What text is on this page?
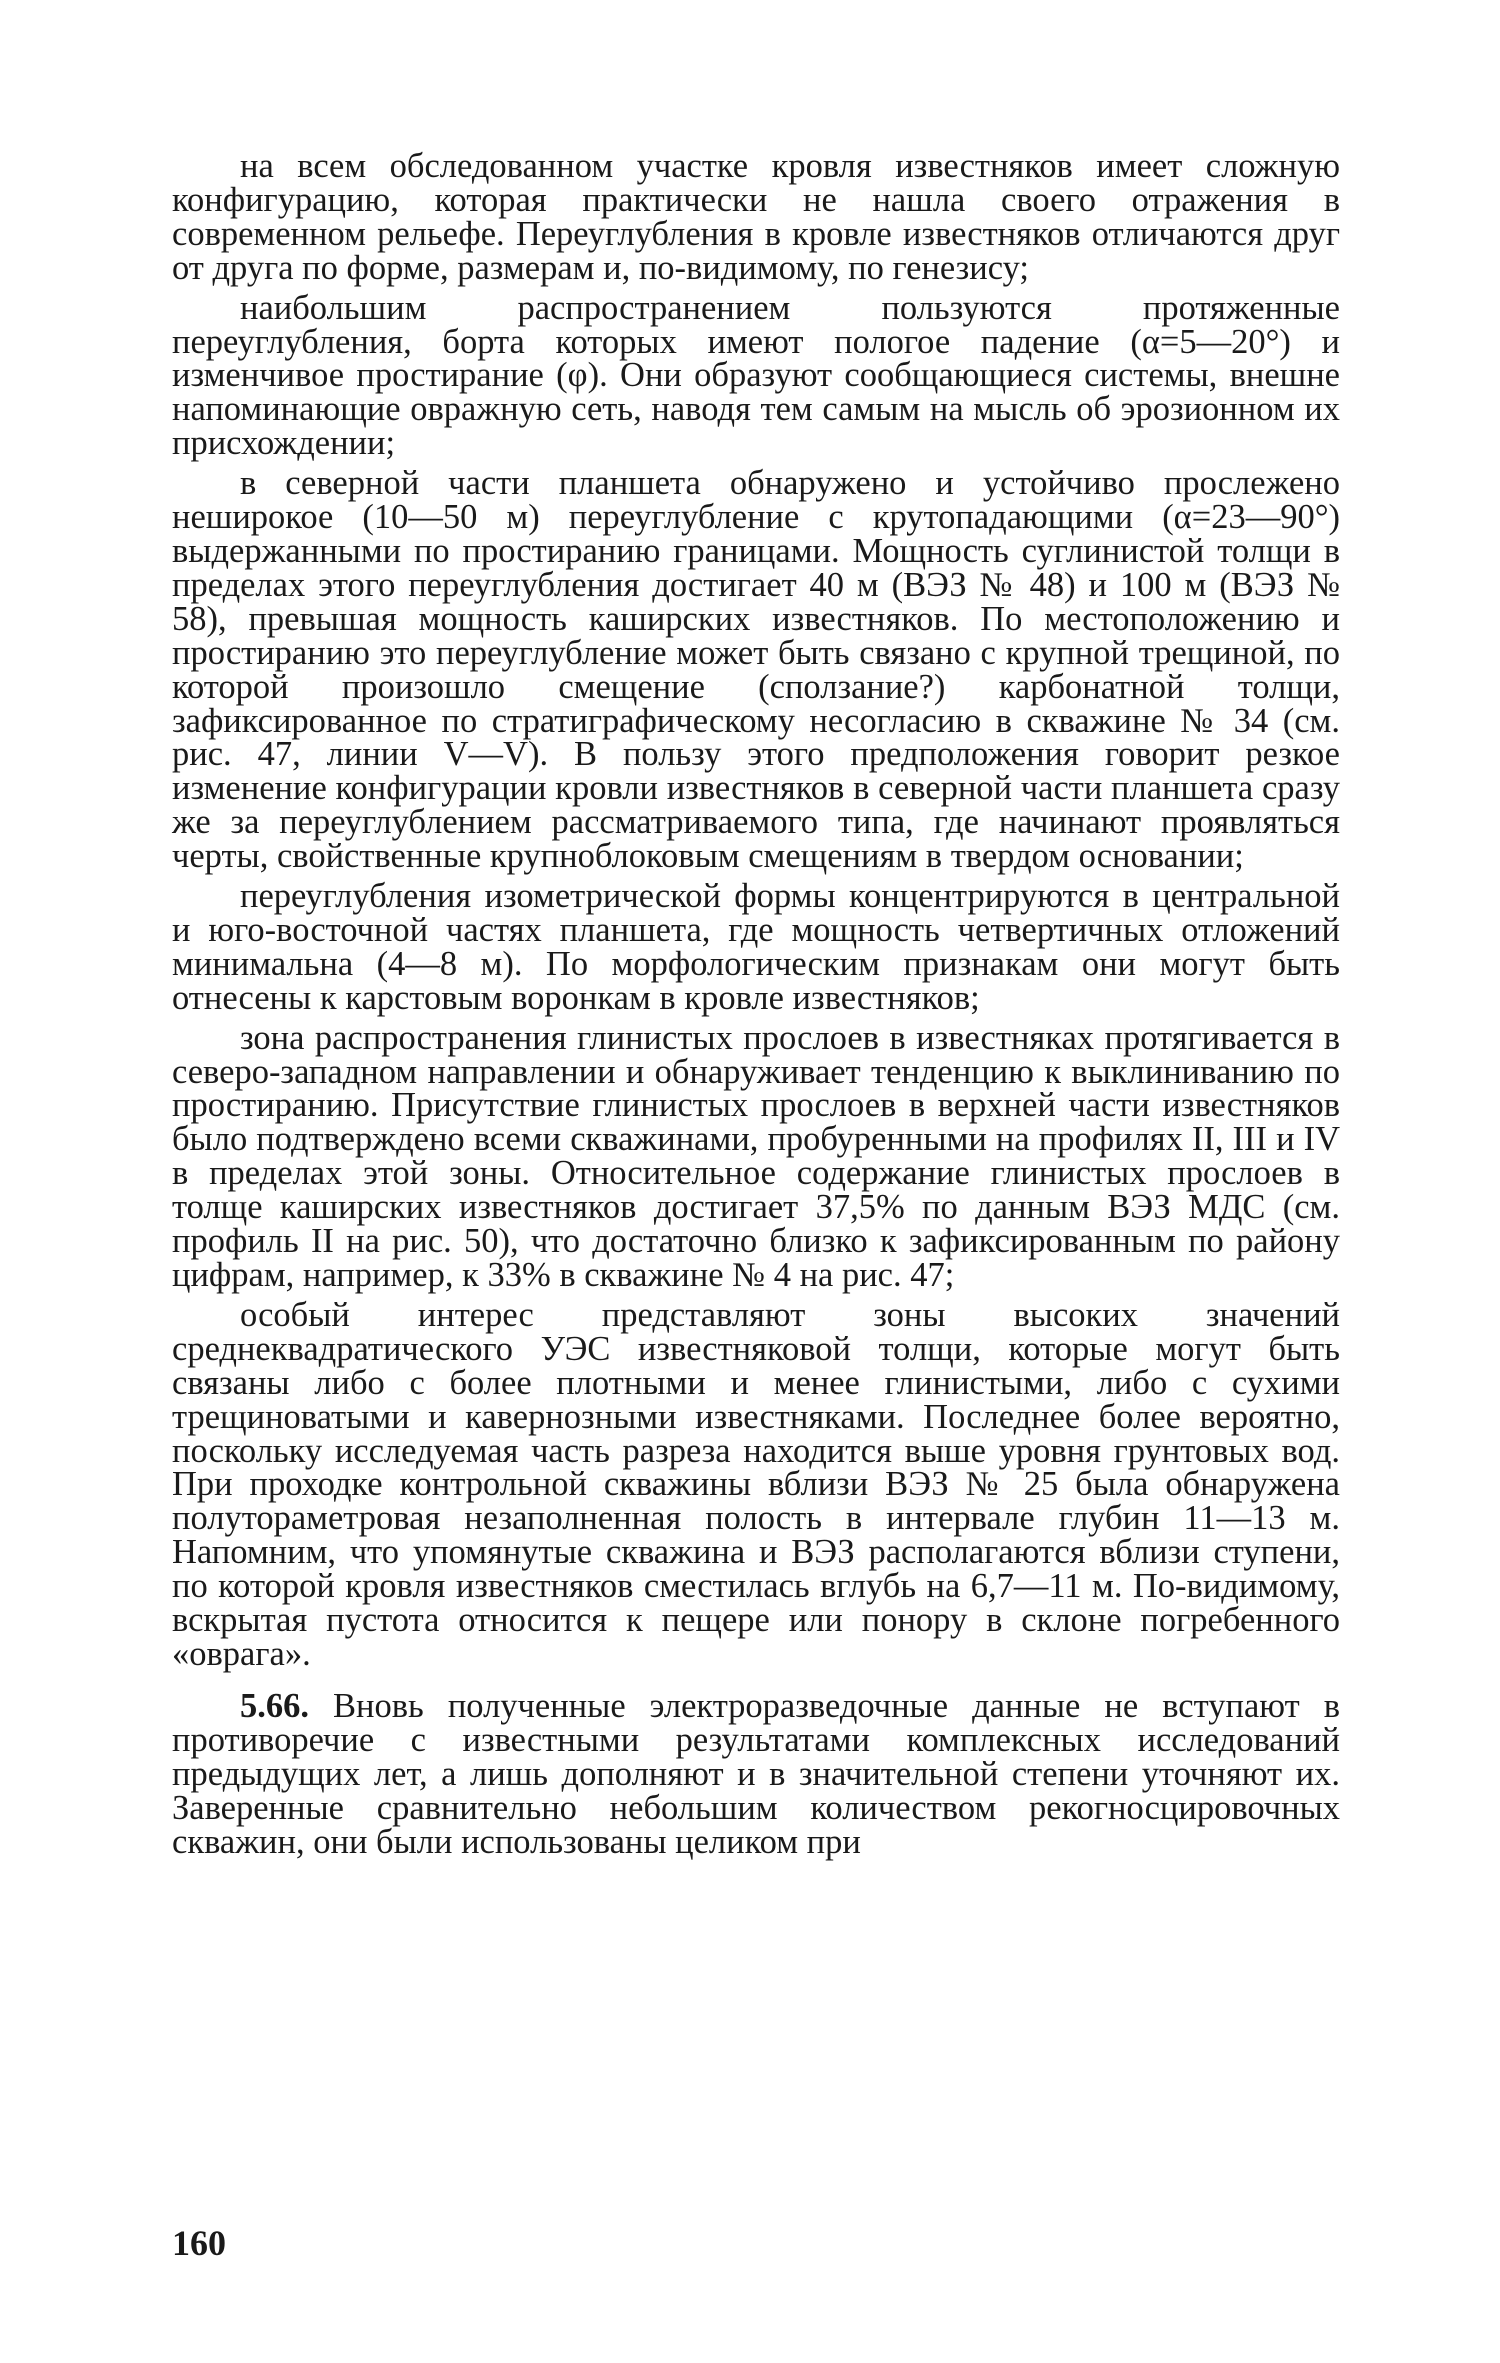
на всем обследованном участке кровля известняков имеет сложную конфигурацию, которая практически не нашла своего отражения в современном рельефе. Переуглубления в кровле известняков отличаются друг от друга по форме, размерам и, по-видимому, по генезису;

наибольшим распространением пользуются протяженные переуглубления, борта которых имеют пологое падение (α=5—20°) и изменчивое простирание (φ). Они образуют сообщающиеся системы, внешне напоминающие овражную сеть, наводя тем самым на мысль об эрозионном их присхождении;

в северной части планшета обнаружено и устойчиво прослежено неширокое (10—50 м) переуглубление с крутопадающими (α=23—90°) выдержанными по простиранию границами. Мощность суглинистой толщи в пределах этого переуглубления достигает 40 м (ВЭЗ № 48) и 100 м (ВЭЗ № 58), превышая мощность каширских известняков. По местоположению и простиранию это переуглубление может быть связано с крупной трещиной, по которой произошло смещение (сползание?) карбонатной толщи, зафиксированное по стратиграфическому несогласию в скважине № 34 (см. рис. 47, линии V—V). В пользу этого предположения говорит резкое изменение конфигурации кровли известняков в северной части планшета сразу же за переуглублением рассматриваемого типа, где начинают проявляться черты, свойственные крупноблоковым смещениям в твердом основании;

переуглубления изометрической формы концентрируются в центральной и юго-восточной частях планшета, где мощность четвертичных отложений минимальна (4—8 м). По морфологическим признакам они могут быть отнесены к карстовым воронкам в кровле известняков;

зона распространения глинистых прослоев в известняках протягивается в северо-западном направлении и обнаруживает тенденцию к выклиниванию по простиранию. Присутствие глинистых прослоев в верхней части известняков было подтверждено всеми скважинами, пробуренными на профилях II, III и IV в пределах этой зоны. Относительное содержание глинистых прослоев в толще каширских известняков достигает 37,5% по данным ВЭЗ МДС (см. профиль II на рис. 50), что достаточно близко к зафиксированным по району цифрам, например, к 33% в скважине № 4 на рис. 47;

особый интерес представляют зоны высоких значений среднеквадратического УЭС известняковой толщи, которые могут быть связаны либо с более плотными и менее глинистыми, либо с сухими трещиноватыми и кавернозными известняками. Последнее более вероятно, поскольку исследуемая часть разреза находится выше уровня грунтовых вод. При проходке контрольной скважины вблизи ВЭЗ № 25 была обнаружена полутораметровая незаполненная полость в интервале глубин 11—13 м. Напомним, что упомянутые скважина и ВЭЗ располагаются вблизи ступени, по которой кровля известняков сместилась вглубь на 6,7—11 м. По-видимому, вскрытая пустота относится к пещере или понору в склоне погребенного «оврага».

5.66. Вновь полученные электроразведочные данные не вступают в противоречие с известными результатами комплексных исследований предыдущих лет, а лишь дополняют и в значительной степени уточняют их. Заверенные сравнительно небольшим количеством рекогносцировочных скважин, они были использованы целиком при

160
